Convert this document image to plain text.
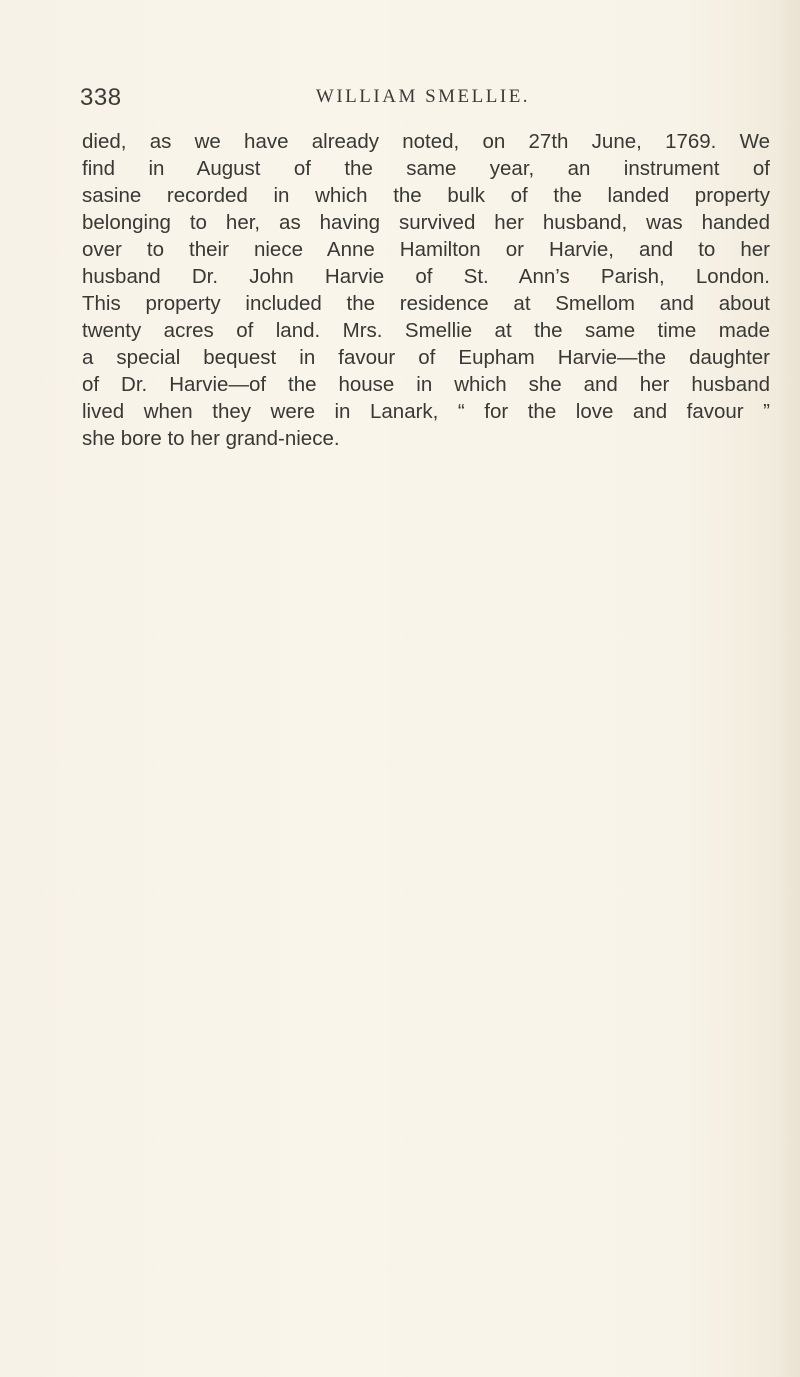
338	WILLIAM SMELLIE.
died, as we have already noted, on 27th June, 1769. We
find in August of the same year, an instrument of
sasine recorded in which the bulk of the landed property
belonging to her, as having survived her husband, was handed
over to their niece Anne Hamilton or Harvie, and to her
husband Dr. John Harvie of St. Ann’s Parish, London.
This property included the residence at Smellom and about
twenty acres of land. Mrs. Smellie at the same time made
a special bequest in favour of Eupham Harvie—the daughter
of Dr. Harvie—of the house in which she and her husband
lived when they were in Lanark, “ for the love and favour ”
she bore to her grand-niece.
